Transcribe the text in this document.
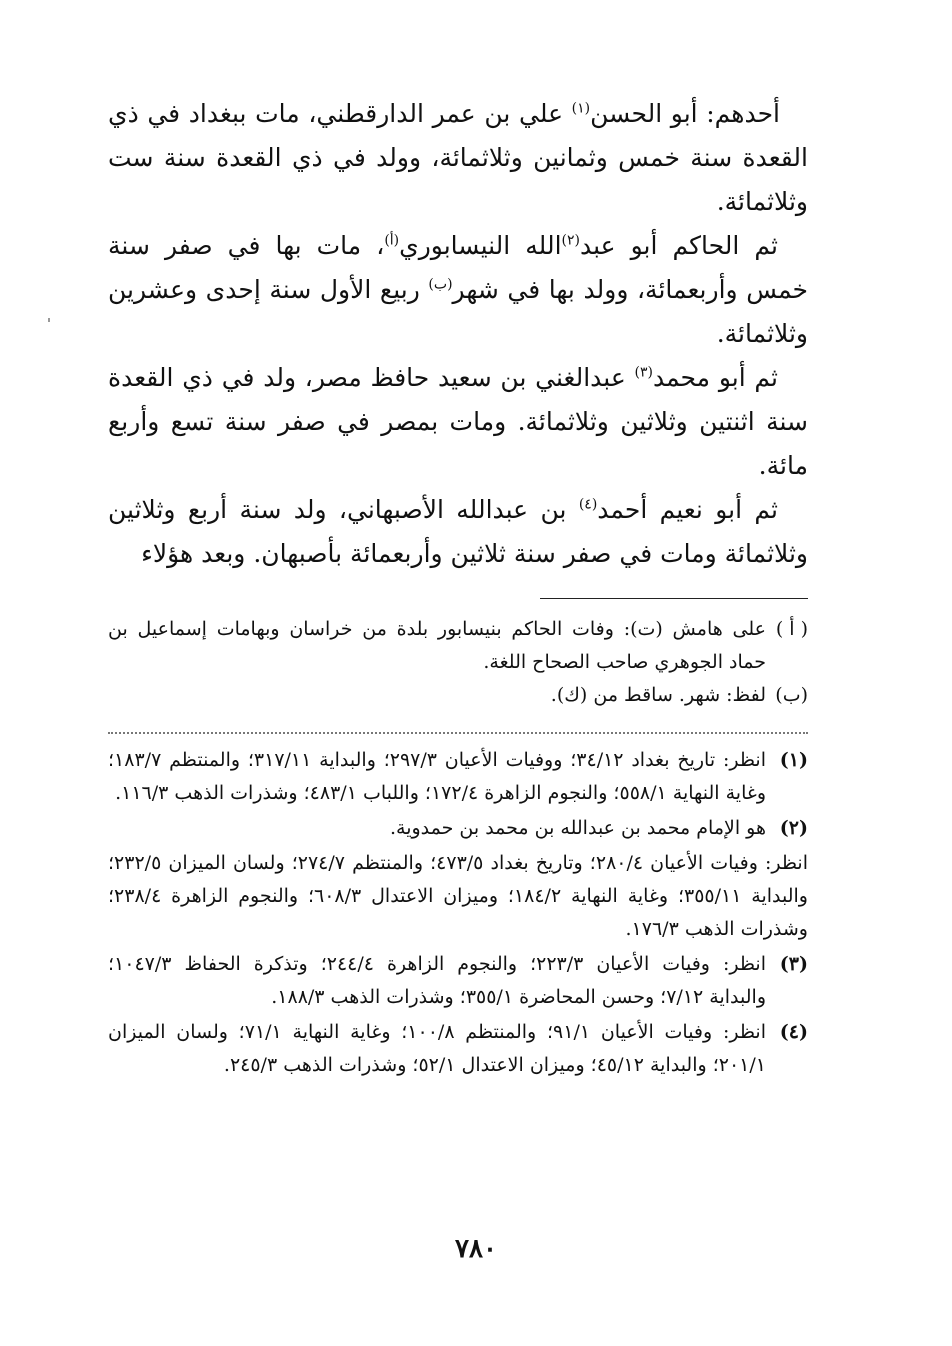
أحدهم: أبو الحسن$^{(١)}$ علي بن عمر الدارقطني، مات ببغداد في ذي القعدة سنة خمس وثمانين وثلاثمائة، وولد في ذي القعدة سنة ست وثلاثمائة.

ثم الحاكم أبو عبد$^{(٢)}$الله النيسابوري$^{(أ)}$، مات بها في صفر سنة خمس وأربعمائة، وولد بها في شهر$^{(ب)}$ ربيع الأول سنة إحدى وعشرين وثلاثمائة.

ثم أبو محمد$^{(٣)}$ عبدالغني بن سعيد حافظ مصر، ولد في ذي القعدة سنة اثنتين وثلاثين وثلاثمائة. ومات بمصر في صفر سنة تسع وأربع مائة.

ثم أبو نعيم أحمد$^{(٤)}$ بن عبدالله الأصبهاني، ولد سنة أربع وثلاثين وثلاثمائة ومات في صفر سنة ثلاثين وأربعمائة بأصبهان. وبعد هؤلاء

( أ )

على هامش (ت): وفات الحاكم بنيسابور بلدة من خراسان وبهامات إسماعيل بن حماد الجوهري صاحب الصحاح اللغة.

(ب)

لفظ: شهر. ساقط من (ك).

(١)

انظر: تاريخ بغداد ٣٤/١٢؛ ووفيات الأعيان ٢٩٧/٣؛ والبداية ٣١٧/١١؛ والمنتظم ١٨٣/٧؛ وغاية النهاية ٥٥٨/١؛ والنجوم الزاهرة ١٧٢/٤؛ واللباب ٤٨٣/١؛ وشذرات الذهب ١١٦/٣.

(٢)

هو الإمام محمد بن عبدالله بن محمد بن حمدوية.

انظر: وفيات الأعيان ٢٨٠/٤؛ وتاريخ بغداد ٤٧٣/٥؛ والمنتظم ٢٧٤/٧؛ ولسان الميزان ٢٣٢/٥؛ والبداية ٣٥٥/١١؛ وغاية النهاية ١٨٤/٢؛ وميزان الاعتدال ٦٠٨/٣؛ والنجوم الزاهرة ٢٣٨/٤؛ وشذرات الذهب ١٧٦/٣.

(٣)

انظر: وفيات الأعيان ٢٢٣/٣؛ والنجوم الزاهرة ٢٤٤/٤؛ وتذكرة الحفاظ ١٠٤٧/٣؛ والبداية ٧/١٢؛ وحسن المحاضرة ٣٥٥/١؛ وشذرات الذهب ١٨٨/٣.

(٤)

انظر: وفيات الأعيان ٩١/١؛ والمنتظم ١٠٠/٨؛ وغاية النهاية ٧١/١؛ ولسان الميزان ٢٠١/١؛ والبداية ٤٥/١٢؛ وميزان الاعتدال ٥٢/١؛ وشذرات الذهب ٢٤٥/٣.

٧٨٠
